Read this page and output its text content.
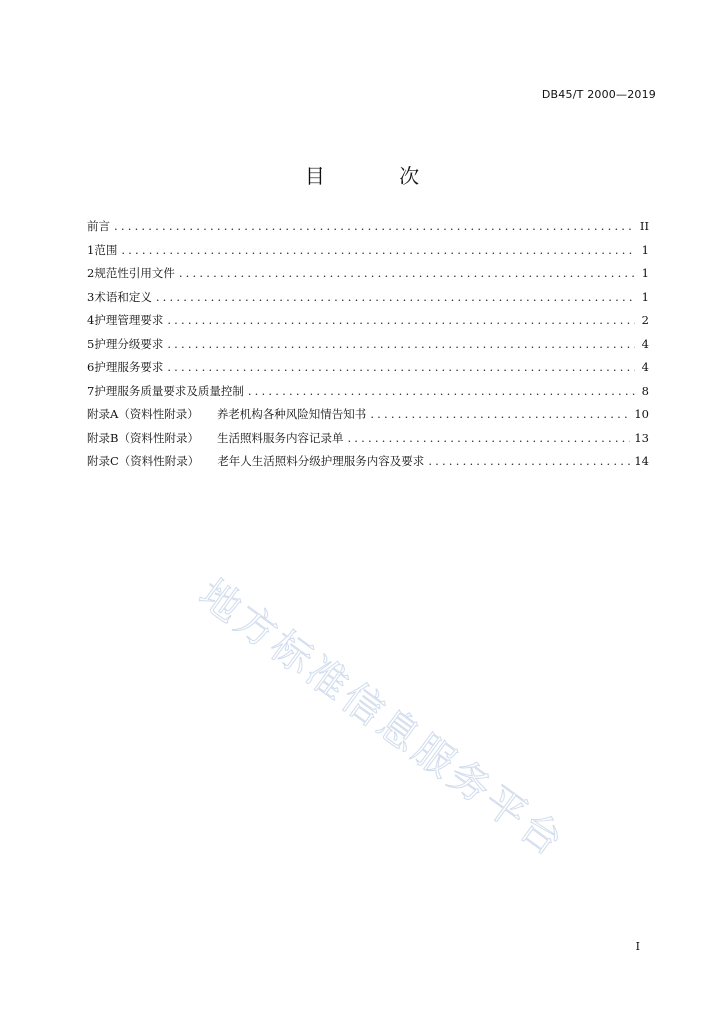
DB45/T 2000—2019
目 次
前言 .....	II
1 范围 .....	1
2 规范性引用文件 .....	1
3 术语和定义 .....	1
4 护理管理要求 .....	2
5 护理分级要求 .....	4
6 护理服务要求 .....	4
7 护理服务质量要求及质量控制 .....	8
附录A（资料性附录） 养老机构各种风险知情告知书 .....	10
附录B（资料性附录） 生活照料服务内容记录单 .....	13
附录C（资料性附录） 老年人生活照料分级护理服务内容及要求 .....	14
地方标准信息服务平台
I
